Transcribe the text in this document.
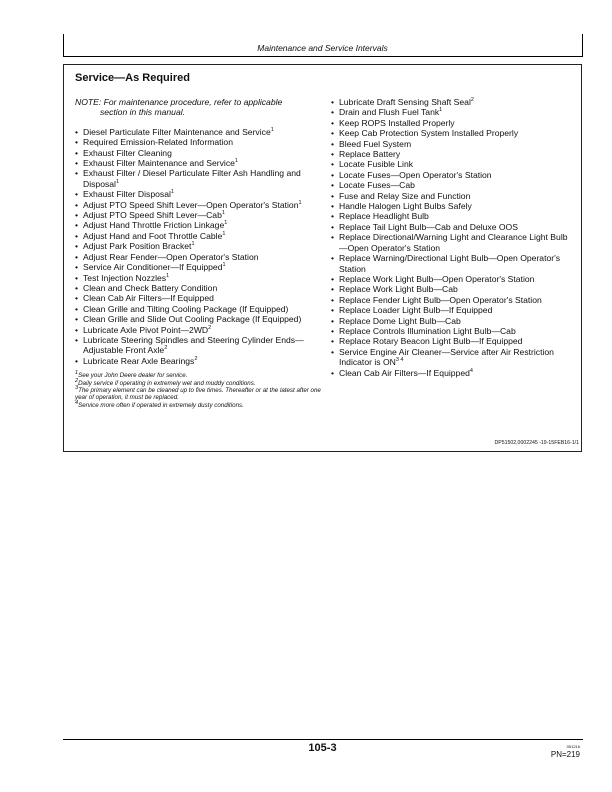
Maintenance and Service Intervals
Service—As Required
NOTE: For maintenance procedure, refer to applicable
section in this manual.
• Diesel Particulate Filter Maintenance and Service$^1$
• Required Emission-Related Information
• Exhaust Filter Cleaning
• Exhaust Filter Maintenance and Service$^1$
• Exhaust Filter / Diesel Particulate Filter Ash Handling and Disposal$^1$
• Exhaust Filter Disposal$^1$
• Adjust PTO Speed Shift Lever—Open Operator's Station$^1$
• Adjust PTO Speed Shift Lever—Cab$^1$
• Adjust Hand Throttle Friction Linkage$^1$
• Adjust Hand and Foot Throttle Cable$^1$
• Adjust Park Position Bracket$^1$
• Adjust Rear Fender—Open Operator's Station
• Service Air Conditioner—If Equipped$^1$
• Test Injection Nozzles$^1$
• Clean and Check Battery Condition
• Clean Cab Air Filters—If Equipped
• Clean Grille and Tilting Cooling Package (If Equipped)
• Clean Grille and Slide Out Cooling Package (If Equipped)
• Lubricate Axle Pivot $Point—2WD^2$
• Lubricate Steering Spindles and Steering Cylinder Ends—Adjustable Front Axle$^2$
• Lubricate Rear Axle Bearings$^2$
$^1$See your John Deere dealer for service.
$^2$Daily service if operating in extremely wet and muddy conditions.
$^3$The primary element can be cleaned up to five times. Thereafter or at the latest after one year of operation, it must be replaced.
$^4$Service more often if operated in extremely dusty conditions.
• Lubricate Draft Sensing Shaft Seal$^2$
• Drain and Flush Fuel Tank$^1$
• Keep ROPS Installed Properly
• Keep Cab Protection System Installed Properly
• Bleed Fuel System
• Replace Battery
• Locate Fusible Link
• Locate Fuses—Open Operator's Station
• Locate Fuses—Cab
• Fuse and Relay Size and Function
• Handle Halogen Light Bulbs Safely
• Replace Headlight Bulb
• Replace Tail Light Bulb—Cab and Deluxe OOS
• Replace Directional/Warning Light and Clearance Light Bulb—Open Operator's Station
• Replace Warning/Directional Light Bulb—Open Operator's Station
• Replace Work Light Bulb—Open Operator's Station
• Replace Work Light Bulb—Cab
• Replace Fender Light Bulb—Open Operator's Station
• Replace Loader Light Bulb—If Equipped
• Replace Dome Light Bulb—Cab
• Replace Controls Illumination Light Bulb—Cab
• Replace Rotary Beacon Light Bulb—If Equipped
• Service Engine Air Cleaner—Service after Air Restriction Indicator is $ON^{3 4}$
• Clean Cab Air Filters—If Equipped$^4$
DP51502,0002245 -19-15FEB16-1/1
105-3	051216
PN=219
